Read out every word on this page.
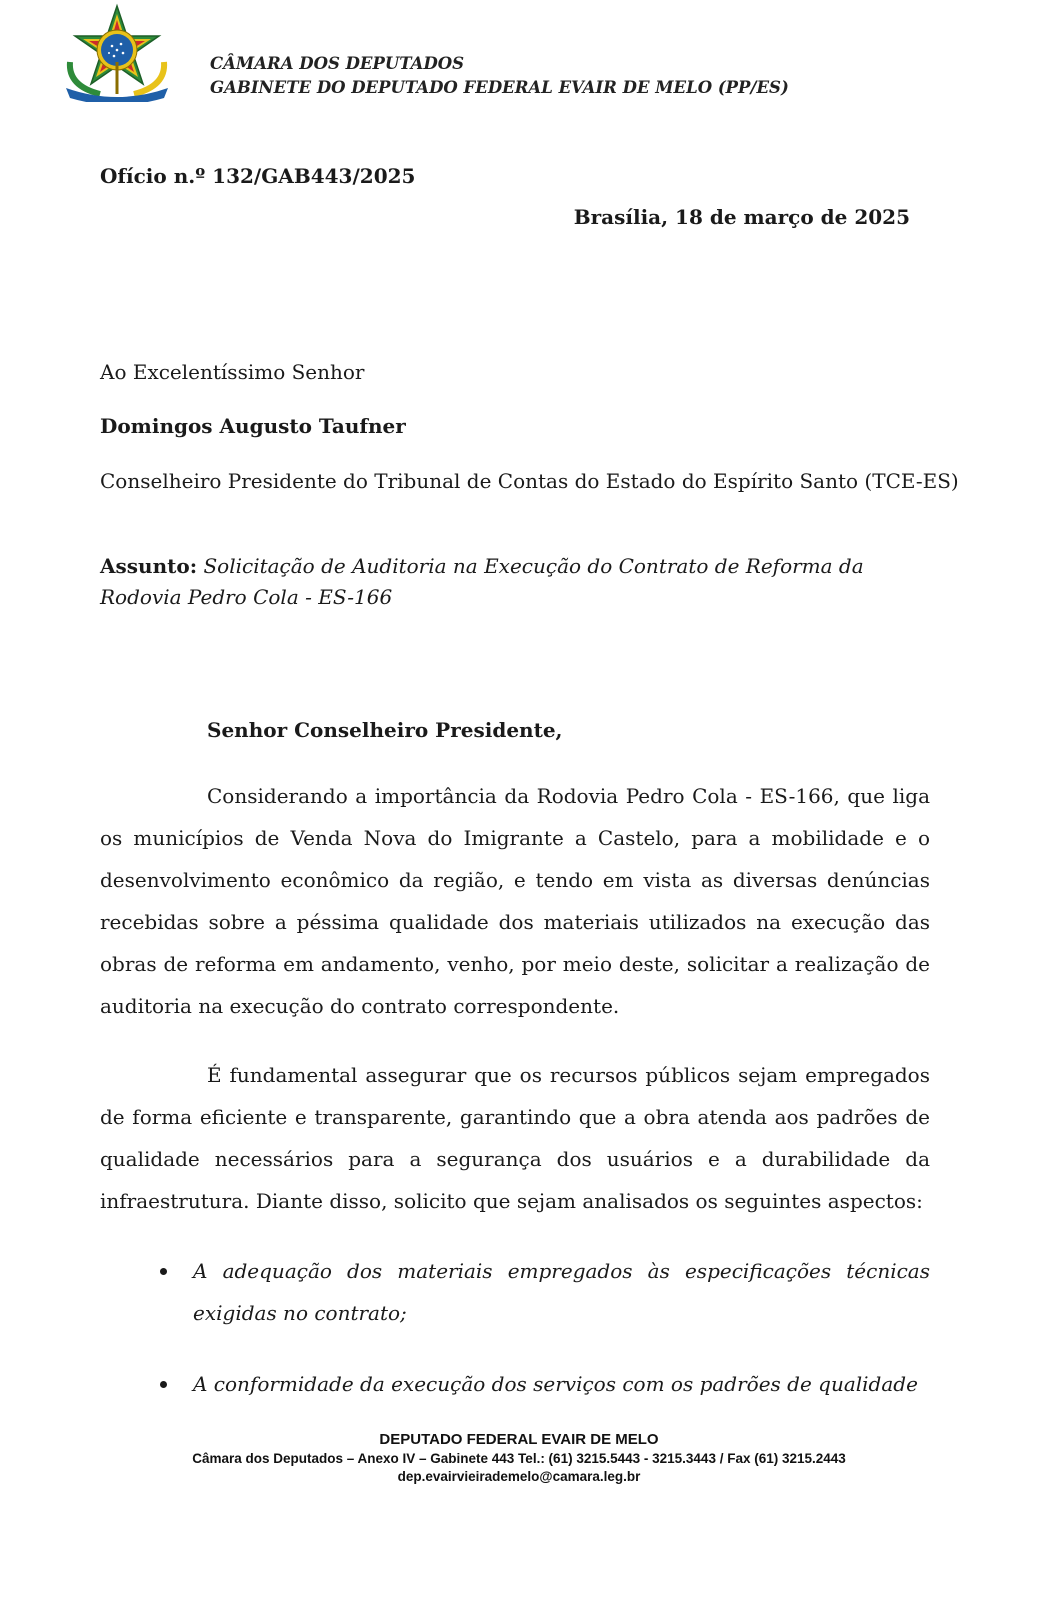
CÂMARA DOS DEPUTADOS
GABINETE DO DEPUTADO FEDERAL EVAIR DE MELO (PP/ES)
Ofício n.º 132/GAB443/2025
Brasília, 18 de março de 2025
Ao Excelentíssimo Senhor
Domingos Augusto Taufner
Conselheiro Presidente do Tribunal de Contas do Estado do Espírito Santo (TCE-ES)
Assunto: Solicitação de Auditoria na Execução do Contrato de Reforma da Rodovia Pedro Cola - ES-166
Senhor Conselheiro Presidente,
Considerando a importância da Rodovia Pedro Cola - ES-166, que liga os municípios de Venda Nova do Imigrante a Castelo, para a mobilidade e o desenvolvimento econômico da região, e tendo em vista as diversas denúncias recebidas sobre a péssima qualidade dos materiais utilizados na execução das obras de reforma em andamento, venho, por meio deste, solicitar a realização de auditoria na execução do contrato correspondente.
É fundamental assegurar que os recursos públicos sejam empregados de forma eficiente e transparente, garantindo que a obra atenda aos padrões de qualidade necessários para a segurança dos usuários e a durabilidade da infraestrutura. Diante disso, solicito que sejam analisados os seguintes aspectos:
A adequação dos materiais empregados às especificações técnicas exigidas no contrato;
A conformidade da execução dos serviços com os padrões de qualidade
DEPUTADO FEDERAL EVAIR DE MELO
Câmara dos Deputados – Anexo IV – Gabinete 443 Tel.: (61) 3215.5443 - 3215.3443 / Fax (61) 3215.2443
dep.evairvieirademelo@camara.leg.br
